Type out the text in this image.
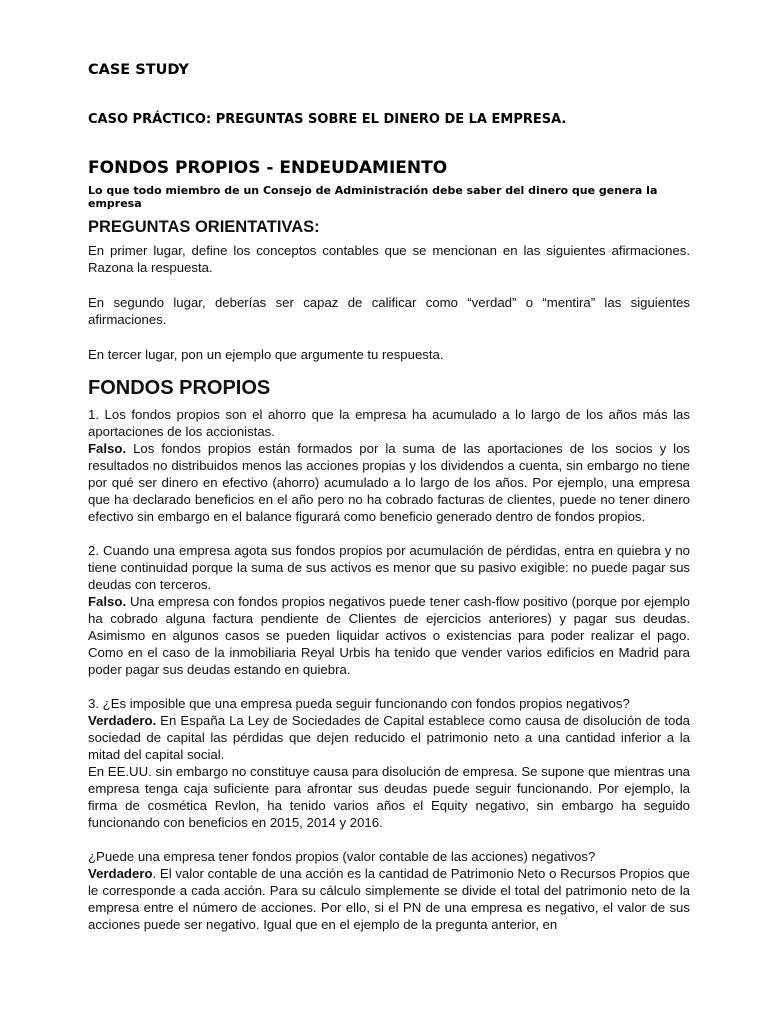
CASE STUDY
CASO PRÁCTICO: PREGUNTAS SOBRE EL DINERO DE LA EMPRESA.
FONDOS PROPIOS - ENDEUDAMIENTO
Lo que todo miembro de un Consejo de Administración debe saber del dinero que genera la empresa
PREGUNTAS ORIENTATIVAS:

En primer lugar, define los conceptos contables que se mencionan en las siguientes afirmaciones. Razona la respuesta.

En segundo lugar, deberías ser capaz de calificar como “verdad” o “mentira” las siguientes afirmaciones.

En tercer lugar, pon un ejemplo que argumente tu respuesta.

FONDOS PROPIOS

1. Los fondos propios son el ahorro que la empresa ha acumulado a lo largo de los años más las aportaciones de los accionistas.

Falso. Los fondos propios están formados por la suma de las aportaciones de los socios y los resultados no distribuidos menos las acciones propias y los dividendos a cuenta, sin embargo no tiene por qué ser dinero en efectivo (ahorro) acumulado a lo largo de los años. Por ejemplo, una empresa que ha declarado beneficios en el año pero no ha cobrado facturas de clientes, puede no tener dinero efectivo sin embargo en el balance figurará como beneficio generado dentro de fondos propios.

2. Cuando una empresa agota sus fondos propios por acumulación de pérdidas, entra en quiebra y no tiene continuidad porque la suma de sus activos es menor que su pasivo exigible: no puede pagar sus deudas con terceros.

Falso. Una empresa con fondos propios negativos puede tener cash-flow positivo (porque por ejemplo ha cobrado alguna factura pendiente de Clientes de ejercicios anteriores) y pagar sus deudas. Asimismo en algunos casos se pueden liquidar activos o existencias para poder realizar el pago. Como en el caso de la inmobiliaria Reyal Urbis ha tenido que vender varios edificios en Madrid para poder pagar sus deudas estando en quiebra.

3. ¿Es imposible que una empresa pueda seguir funcionando con fondos propios negativos?

Verdadero. En España La Ley de Sociedades de Capital establece como causa de disolución de toda sociedad de capital las pérdidas que dejen reducido el patrimonio neto a una cantidad inferior a la mitad del capital social.

En EE.UU. sin embargo no constituye causa para disolución de empresa. Se supone que mientras una empresa tenga caja suficiente para afrontar sus deudas puede seguir funcionando. Por ejemplo, la firma de cosmética Revlon, ha tenido varios años el Equity negativo, sin embargo ha seguido funcionando con beneficios en 2015, 2014 y 2016.

¿Puede una empresa tener fondos propios (valor contable de las acciones) negativos?

Verdadero. El valor contable de una acción es la cantidad de Patrimonio Neto o Recursos Propios que le corresponde a cada acción. Para su cálculo simplemente se divide el total del patrimonio neto de la empresa entre el número de acciones. Por ello, si el PN de una empresa es negativo, el valor de sus acciones puede ser negativo. Igual que en el ejemplo de la pregunta anterior, en
